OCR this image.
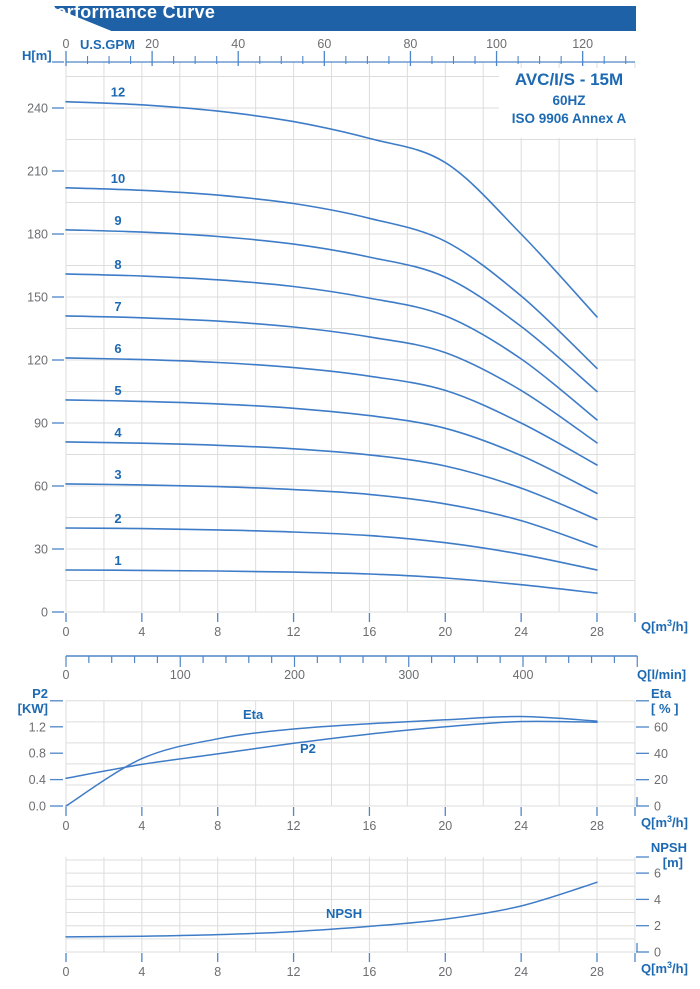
0	20	40	60	80	100	120
0
30
60
90
120
150
180
210
240
0	4	8	12	16	20	24	28
0	100	200	300	400
12
10
9
8
7
6
5
4
3
2
1
0.0
0.4
0.8
1.2
0
20
40
60
0	4	8	12	16	20	24	28
0
2
4
6
0	4	8	12	16	20	24	28
Performance Curve
AVC/I/S - 15M
60HZ
ISO 9906 Annex A
H[m]
U.S.GPM
$Q[m^3/h]$
Q[l/min]
P2
[KW]
Eta
[ % ]
$Q[m^3/h]$
NPSH
[m]
$Q[m^3/h]$
Eta
P2
NPSH
